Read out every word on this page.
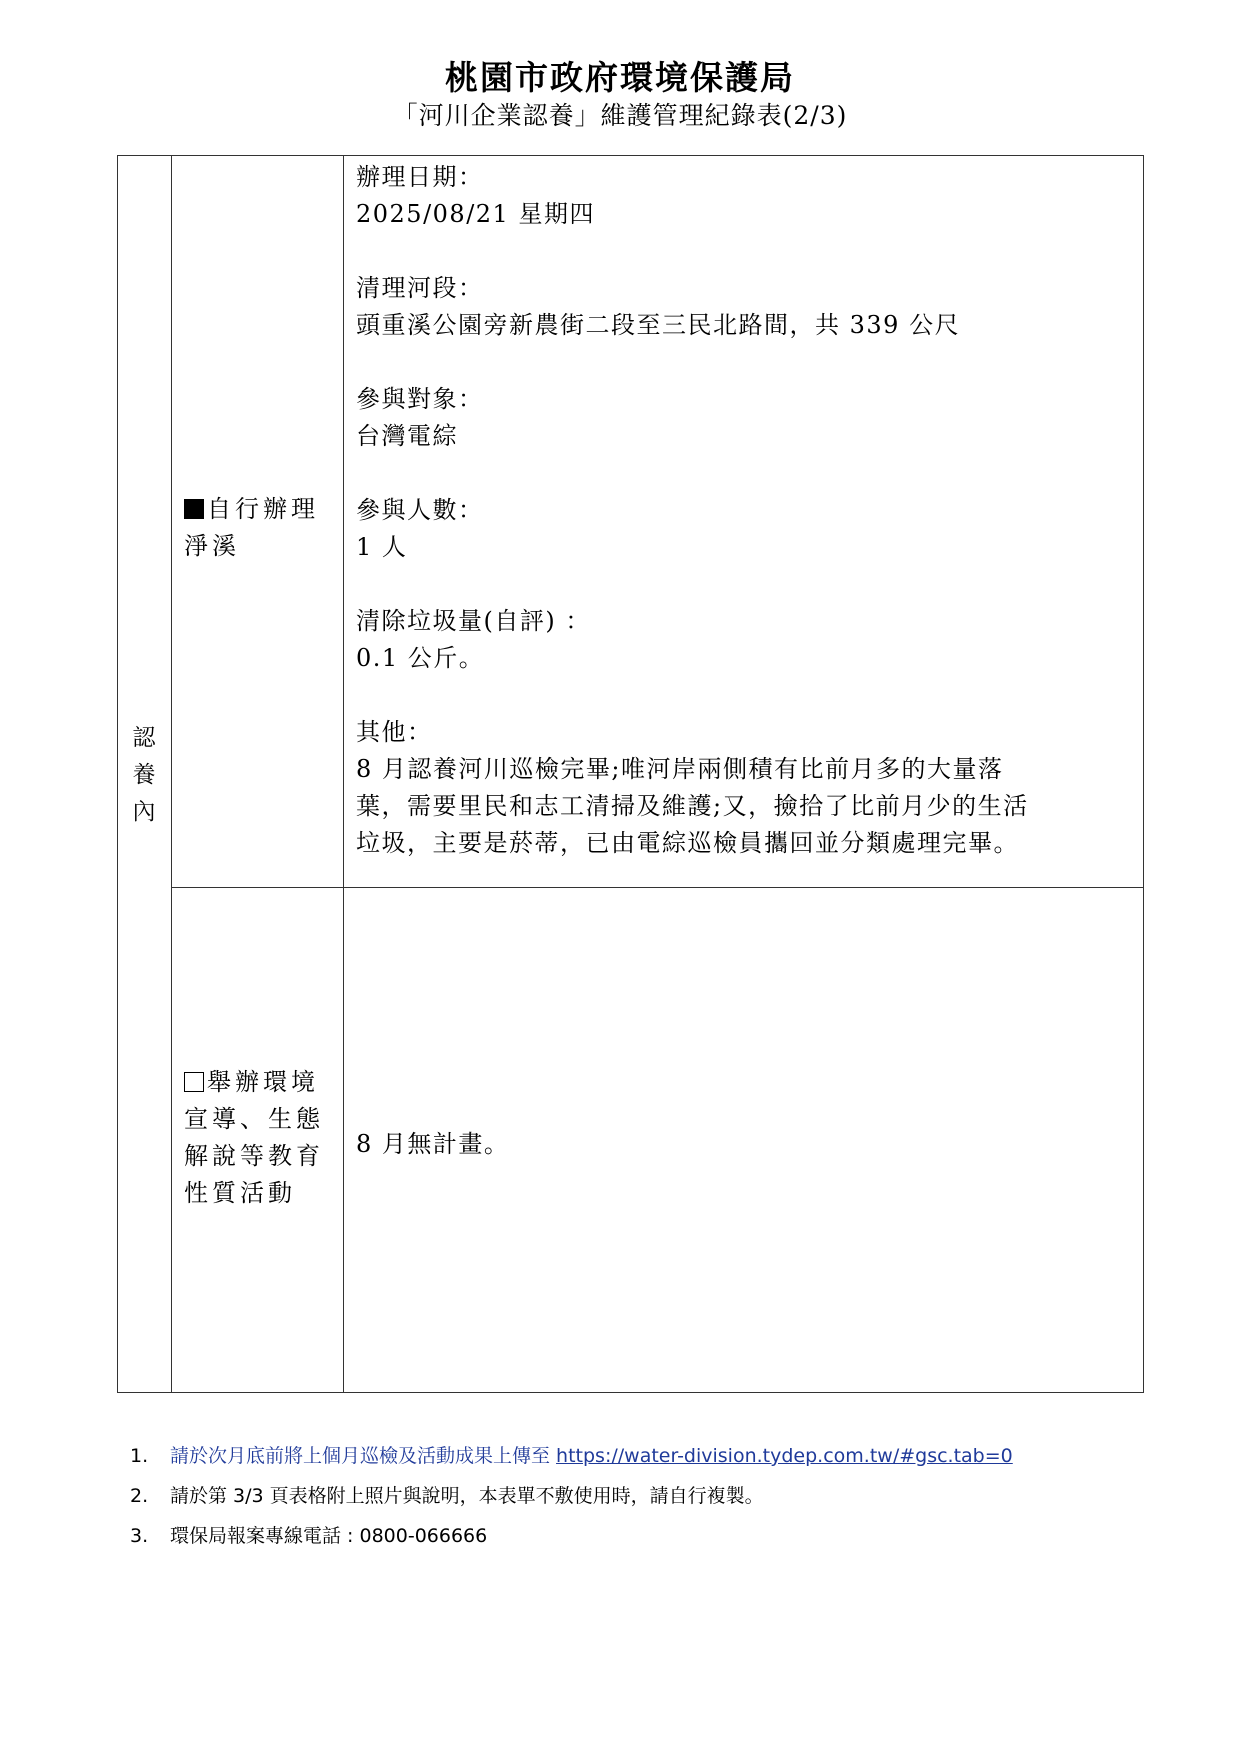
桃園市政府環境保護局
「河川企業認養」維護管理紀錄表(2/3)
認
養
內
自行辦理
淨溪
辦理日期：
2025/08/21 星期四
清理河段：
頭重溪公園旁新農街二段至三民北路間，共 339 公尺
參與對象：
台灣電綜
參與人數：
1 人
清除垃圾量(自評) ：
0.1 公斤。
其他：
8 月認養河川巡檢完畢;唯河岸兩側積有比前月多的大量落
葉，需要里民和志工清掃及維護;又，撿拾了比前月少的生活
垃圾，主要是菸蒂，已由電綜巡檢員攜回並分類處理完畢。
舉辦環境
宣導、生態
解說等教育
性質活動
8 月無計畫。
1. 請於次月底前將上個月巡檢及活動成果上傳至 https://water-division.tydep.com.tw/#gsc.tab=0
2. 請於第 3/3 頁表格附上照片與說明，本表單不敷使用時，請自行複製。
3. 環保局報案專線電話 : 0800-066666
